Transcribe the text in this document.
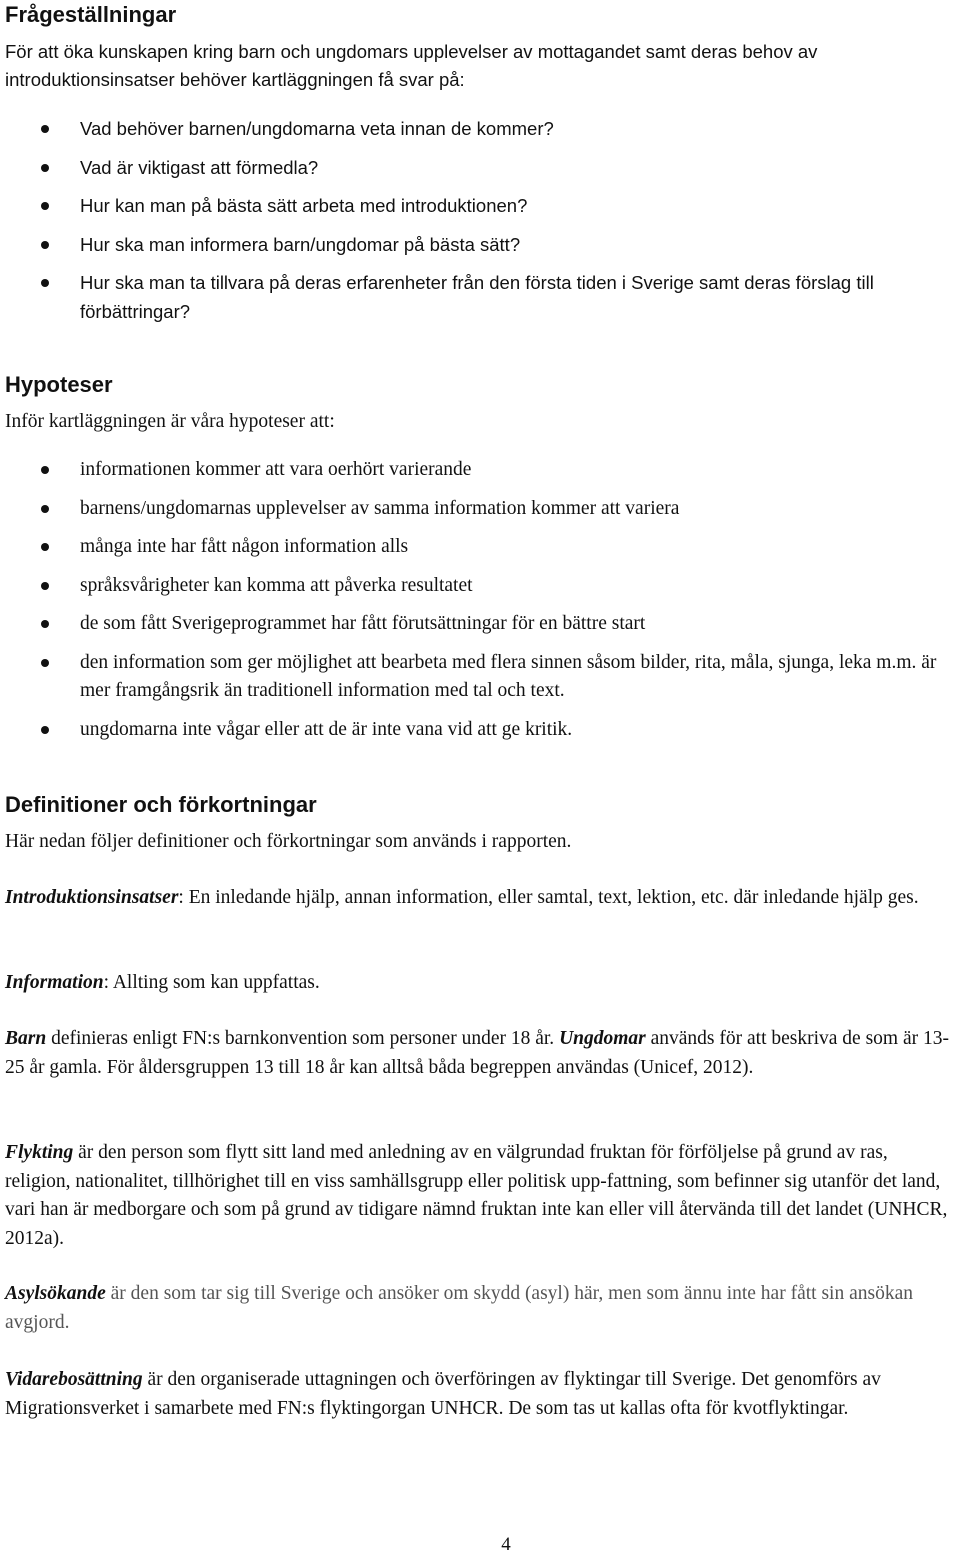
Frågeställningar

För att öka kunskapen kring barn och ungdomars upplevelser av mottagandet samt deras behov av introduktionsinsatser behöver kartläggningen få svar på:

Vad behöver barnen/ungdomarna veta innan de kommer?
Vad är viktigast att förmedla?
Hur kan man på bästa sätt arbeta med introduktionen?
Hur ska man informera barn/ungdomar på bästa sätt?
Hur ska man ta tillvara på deras erfarenheter från den första tiden i Sverige samt deras förslag till förbättringar?
Hypoteser

Inför kartläggningen är våra hypoteser att:

informationen kommer att vara oerhört varierande
barnens/ungdomarnas upplevelser av samma information kommer att variera
många inte har fått någon information alls
språksvårigheter kan komma att påverka resultatet
de som fått Sverigeprogrammet har fått förutsättningar för en bättre start
den information som ger möjlighet att bearbeta med flera sinnen såsom bilder, rita, måla, sjunga, leka m.m. är mer framgångsrik än traditionell information med tal och text.
ungdomarna inte vågar eller att de är inte vana vid att ge kritik.
Definitioner och förkortningar

Här nedan följer definitioner och förkortningar som används i rapporten.

Introduktionsinsatser: En inledande hjälp, annan information, eller samtal, text, lektion, etc. där inledande hjälp ges.

Information: Allting som kan uppfattas.

Barn definieras enligt FN:s barnkonvention som personer under 18 år. Ungdomar används för att beskriva de som är 13-25 år gamla. För åldersgruppen 13 till 18 år kan alltså båda begreppen användas (Unicef, 2012).

Flykting är den person som flytt sitt land med anledning av en välgrundad fruktan för förföljelse på grund av ras, religion, nationalitet, tillhörighet till en viss samhällsgrupp eller politisk upp-fattning, som befinner sig utanför det land, vari han är medborgare och som på grund av tidigare nämnd fruktan inte kan eller vill återvända till det landet (UNHCR, 2012a).

Asylsökande är den som tar sig till Sverige och ansöker om skydd (asyl) här, men som ännu inte har fått sin ansökan avgjord.

Vidarebosättning är den organiserade uttagningen och överföringen av flyktingar till Sverige. Det genomförs av Migrationsverket i samarbete med FN:s flyktingorgan UNHCR. De som tas ut kallas ofta för kvotflyktingar.

4
